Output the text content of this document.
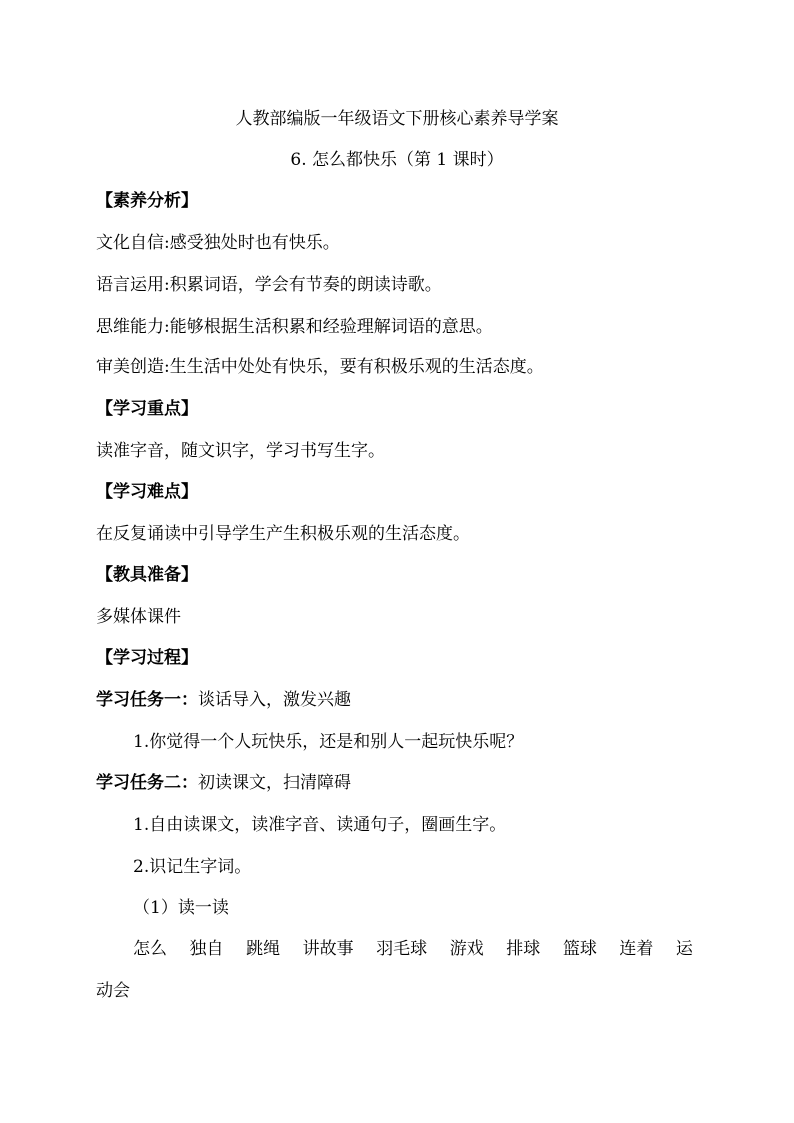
人教部编版一年级语文下册核心素养导学案
6. 怎么都快乐（第 1 课时）
【素养分析】
文化自信:感受独处时也有快乐。
语言运用:积累词语，学会有节奏的朗读诗歌。
思维能力:能够根据生活积累和经验理解词语的意思。
审美创造:生生活中处处有快乐，要有积极乐观的生活态度。
【学习重点】
读准字音，随文识字，学习书写生字。
【学习难点】
在反复诵读中引导学生产生积极乐观的生活态度。
【教具准备】
多媒体课件
【学习过程】
学习任务一：谈话导入，激发兴趣
1.你觉得一个人玩快乐，还是和别人一起玩快乐呢？
学习任务二：初读课文，扫清障碍
1.自由读课文，读准字音、读通句子，圈画生字。
2.识记生字词。
（1）读一读
怎么 独自 跳绳 讲故事 羽毛球 游戏 排球 篮球 连着 运
动会
